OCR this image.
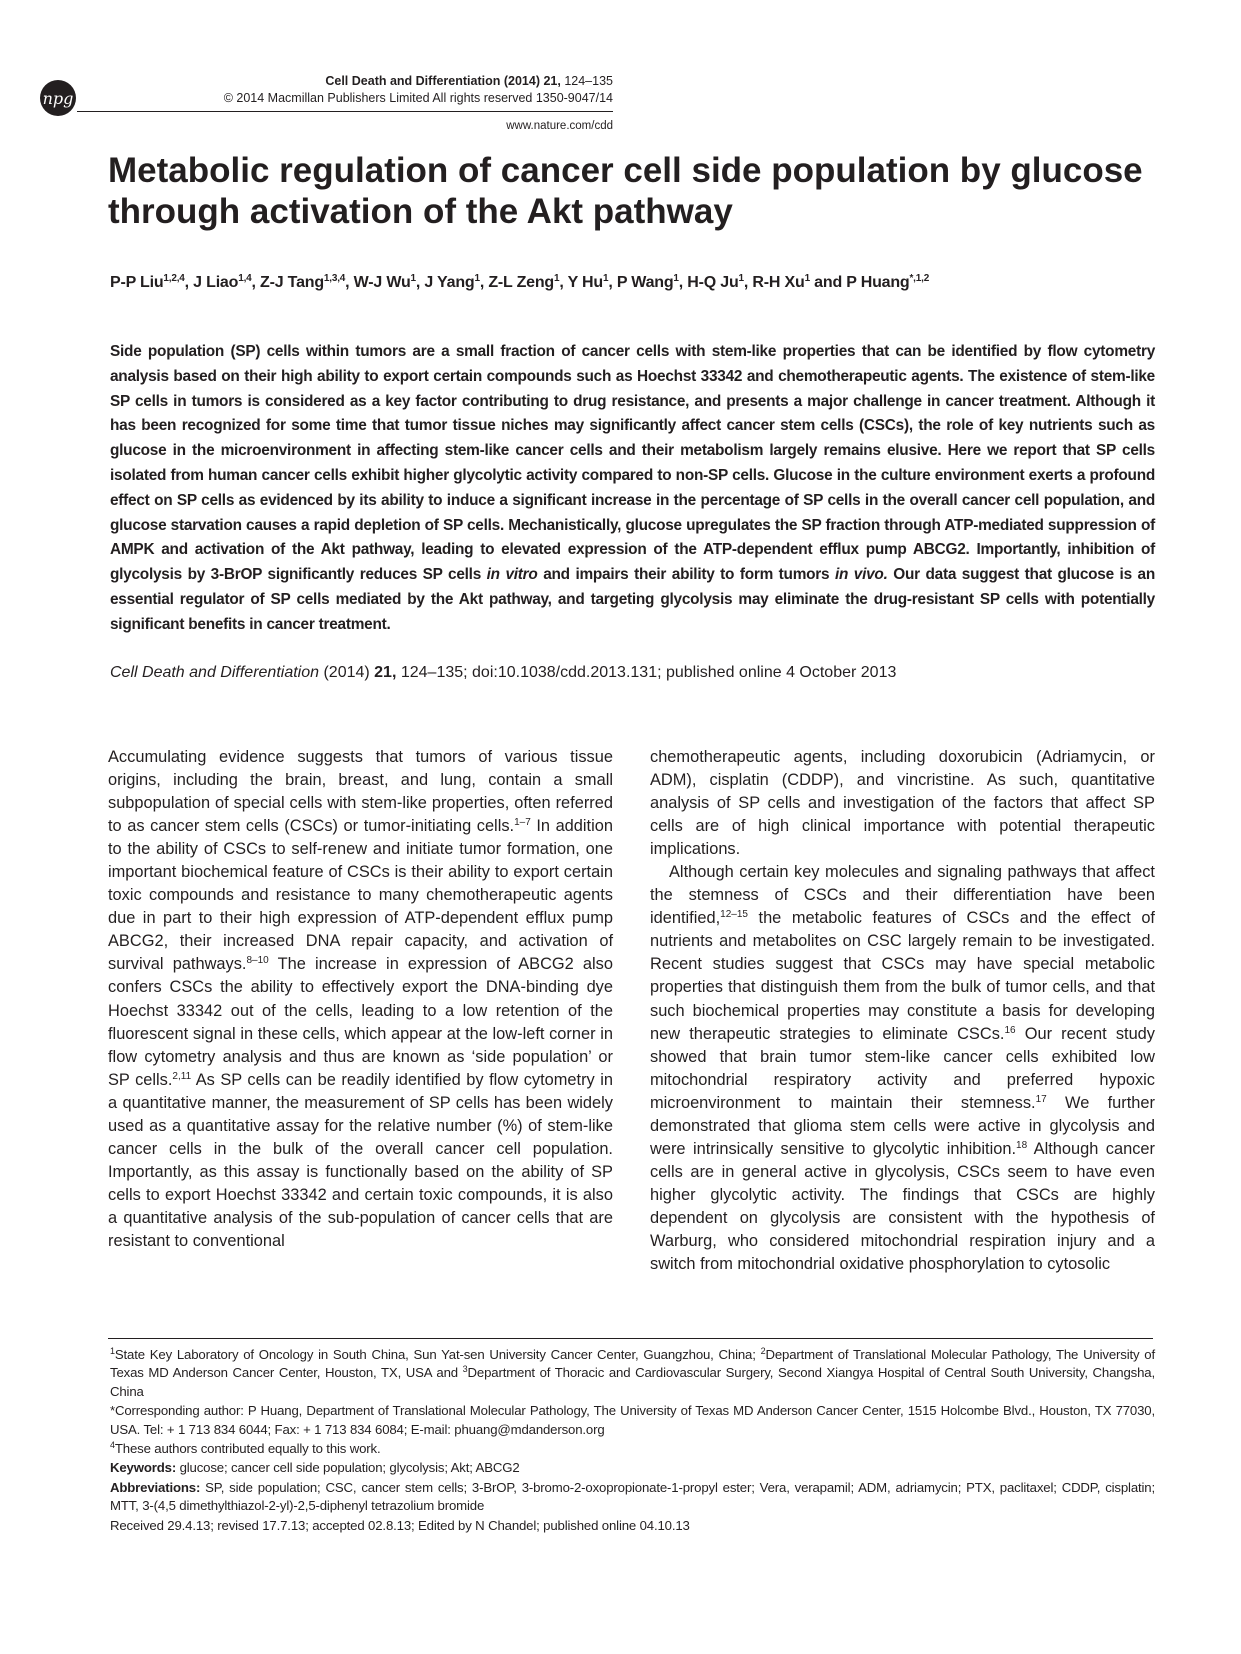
npg
Cell Death and Differentiation (2014) 21, 124–135
© 2014 Macmillan Publishers Limited All rights reserved 1350-9047/14
www.nature.com/cdd
Metabolic regulation of cancer cell side population by glucose through activation of the Akt pathway
P-P Liu$^{1,2,4}$, J Liao$^{1,4}$, Z-J Tang$^{1,3,4}$, W-J Wu$^1$, J Yang$^1$, Z-L Zeng$^1$, Y Hu$^1$, P Wang$^1$, H-Q Ju$^1$, R-H Xu$^1$ and P Huang$^{*,1,2}$

Side population (SP) cells within tumors are a small fraction of cancer cells with stem-like properties that can be identified by flow cytometry analysis based on their high ability to export certain compounds such as Hoechst 33342 and chemotherapeutic agents. The existence of stem-like SP cells in tumors is considered as a key factor contributing to drug resistance, and presents a major challenge in cancer treatment. Although it has been recognized for some time that tumor tissue niches may significantly affect cancer stem cells (CSCs), the role of key nutrients such as glucose in the microenvironment in affecting stem-like cancer cells and their metabolism largely remains elusive. Here we report that SP cells isolated from human cancer cells exhibit higher glycolytic activity compared to non-SP cells. Glucose in the culture environment exerts a profound effect on SP cells as evidenced by its ability to induce a significant increase in the percentage of SP cells in the overall cancer cell population, and glucose starvation causes a rapid depletion of SP cells. Mechanistically, glucose upregulates the SP fraction through ATP-mediated suppression of AMPK and activation of the Akt pathway, leading to elevated expression of the ATP-dependent efflux pump ABCG2. Importantly, inhibition of glycolysis by 3-BrOP significantly reduces SP cells in vitro and impairs their ability to form tumors in vivo. Our data suggest that glucose is an essential regulator of SP cells mediated by the Akt pathway, and targeting glycolysis may eliminate the drug-resistant SP cells with potentially significant benefits in cancer treatment.

Cell Death and Differentiation (2014) 21, 124–135; doi:10.1038/cdd.2013.131; published online 4 October 2013

Accumulating evidence suggests that tumors of various tissue origins, including the brain, breast, and lung, contain a small subpopulation of special cells with stem-like properties, often referred to as cancer stem cells (CSCs) or tumor-initiating cells.$^{1-7}$ In addition to the ability of CSCs to self-renew and initiate tumor formation, one important biochemical feature of CSCs is their ability to export certain toxic compounds and resistance to many chemotherapeutic agents due in part to their high expression of ATP-dependent efflux pump ABCG2, their increased DNA repair capacity, and activation of survival pathways.$^{8-10}$ The increase in expression of ABCG2 also confers CSCs the ability to effectively export the DNA-binding dye Hoechst 33342 out of the cells, leading to a low retention of the fluorescent signal in these cells, which appear at the low-left corner in flow cytometry analysis and thus are known as ‘side population’ or SP cells.$^{2,11}$ As SP cells can be readily identified by flow cytometry in a quantitative manner, the measurement of SP cells has been widely used as a quantitative assay for the relative number (%) of stem-like cancer cells in the bulk of the overall cancer cell population. Importantly, as this assay is functionally based on the ability of SP cells to export Hoechst 33342 and certain toxic compounds, it is also a quantitative analysis of the sub-population of cancer cells that are resistant to conventional

chemotherapeutic agents, including doxorubicin (Adriamycin, or ADM), cisplatin (CDDP), and vincristine. As such, quantitative analysis of SP cells and investigation of the factors that affect SP cells are of high clinical importance with potential therapeutic implications.

Although certain key molecules and signaling pathways that affect the stemness of CSCs and their differentiation have been identified,$^{12-15}$ the metabolic features of CSCs and the effect of nutrients and metabolites on CSC largely remain to be investigated. Recent studies suggest that CSCs may have special metabolic properties that distinguish them from the bulk of tumor cells, and that such biochemical properties may constitute a basis for developing new therapeutic strategies to eliminate CSCs.$^{16}$ Our recent study showed that brain tumor stem-like cancer cells exhibited low mitochondrial respiratory activity and preferred hypoxic microenvironment to maintain their stemness.$^{17}$ We further demonstrated that glioma stem cells were active in glycolysis and were intrinsically sensitive to glycolytic inhibition.$^{18}$ Although cancer cells are in general active in glycolysis, CSCs seem to have even higher glycolytic activity. The findings that CSCs are highly dependent on glycolysis are consistent with the hypothesis of Warburg, who considered mitochondrial respiration injury and a switch from mitochondrial oxidative phosphorylation to cytosolic

$^1$State Key Laboratory of Oncology in South China, Sun Yat-sen University Cancer Center, Guangzhou, China; $^2$Department of Translational Molecular Pathology, The University of Texas MD Anderson Cancer Center, Houston, TX, USA and $^3$Department of Thoracic and Cardiovascular Surgery, Second Xiangya Hospital of Central South University, Changsha, China

*Corresponding author: P Huang, Department of Translational Molecular Pathology, The University of Texas MD Anderson Cancer Center, 1515 Holcombe Blvd., Houston, TX 77030, USA. Tel: + 1 713 834 6044; Fax: + 1 713 834 6084; E-mail: phuang@mdanderson.org

$^4$These authors contributed equally to this work.

Keywords: glucose; cancer cell side population; glycolysis; Akt; ABCG2

Abbreviations: SP, side population; CSC, cancer stem cells; 3-BrOP, 3-bromo-2-oxopropionate-1-propyl ester; Vera, verapamil; ADM, adriamycin; PTX, paclitaxel; CDDP, cisplatin; MTT, 3-(4,5 dimethylthiazol-2-yl)-2,5-diphenyl tetrazolium bromide

Received 29.4.13; revised 17.7.13; accepted 02.8.13; Edited by N Chandel; published online 04.10.13
